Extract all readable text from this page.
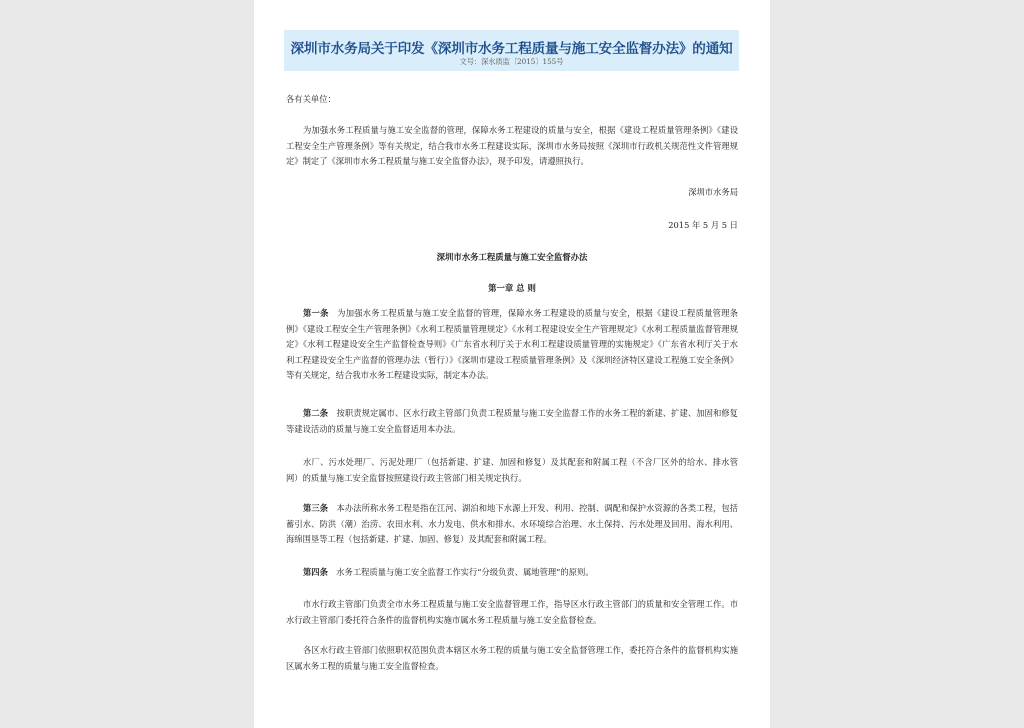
深圳市水务局关于印发《深圳市水务工程质量与施工安全监督办法》的通知
文号：深水质监〔2015〕155号
各有关单位：
为加强水务工程质量与施工安全监督的管理，保障水务工程建设的质量与安全，根据《建设工程质量管理条例》《建设工程安全生产管理条例》等有关规定，结合我市水务工程建设实际，深圳市水务局按照《深圳市行政机关规范性文件管理规定》制定了《深圳市水务工程质量与施工安全监督办法》，现予印发，请遵照执行。
深圳市水务局
2015 年 5 月 5 日
深圳市水务工程质量与施工安全监督办法
第一章 总 则
第一条　 为加强水务工程质量与施工安全监督的管理，保障水务工程建设的质量与安全，根据《建设工程质量管理条例》《建设工程安全生产管理条例》《水利工程质量管理规定》《水利工程建设安全生产管理规定》《水利工程质量监督管理规定》《水利工程建设安全生产监督检查导则》《广东省水利厅关于水利工程建设质量管理的实施规定》《广东省水利厅关于水利工程建设安全生产监督的管理办法（暂行）》《深圳市建设工程质量管理条例》及《深圳经济特区建设工程施工安全条例》等有关规定，结合我市水务工程建设实际，制定本办法。
第二条　 按职责规定属市、区水行政主管部门负责工程质量与施工安全监督工作的水务工程的新建、扩建、加固和修复等建设活动的质量与施工安全监督适用本办法。
水厂、污水处理厂、污泥处理厂（包括新建、扩建、加固和修复）及其配套和附属工程（不含厂区外的给水、排水管网）的质量与施工安全监督按照建设行政主管部门相关规定执行。
第三条　 本办法所称水务工程是指在江河、湖泊和地下水源上开发、利用、控制、调配和保护水资源的各类工程，包括蓄引水、防洪（潮）治涝、农田水利、水力发电、供水和排水、水环境综合治理、水土保持、污水处理及回用、海水利用、海绵围垦等工程（包括新建、扩建、加固、修复）及其配套和附属工程。
第四条　 水务工程质量与施工安全监督工作实行“分级负责、属地管理”的原则。
市水行政主管部门负责全市水务工程质量与施工安全监督管理工作，指导区水行政主管部门的质量和安全管理工作。市水行政主管部门委托符合条件的监督机构实施市属水务工程质量与施工安全监督检查。
各区水行政主管部门依照职权范围负责本辖区水务工程的质量与施工安全监督管理工作，委托符合条件的监督机构实施区属水务工程的质量与施工安全监督检查。
